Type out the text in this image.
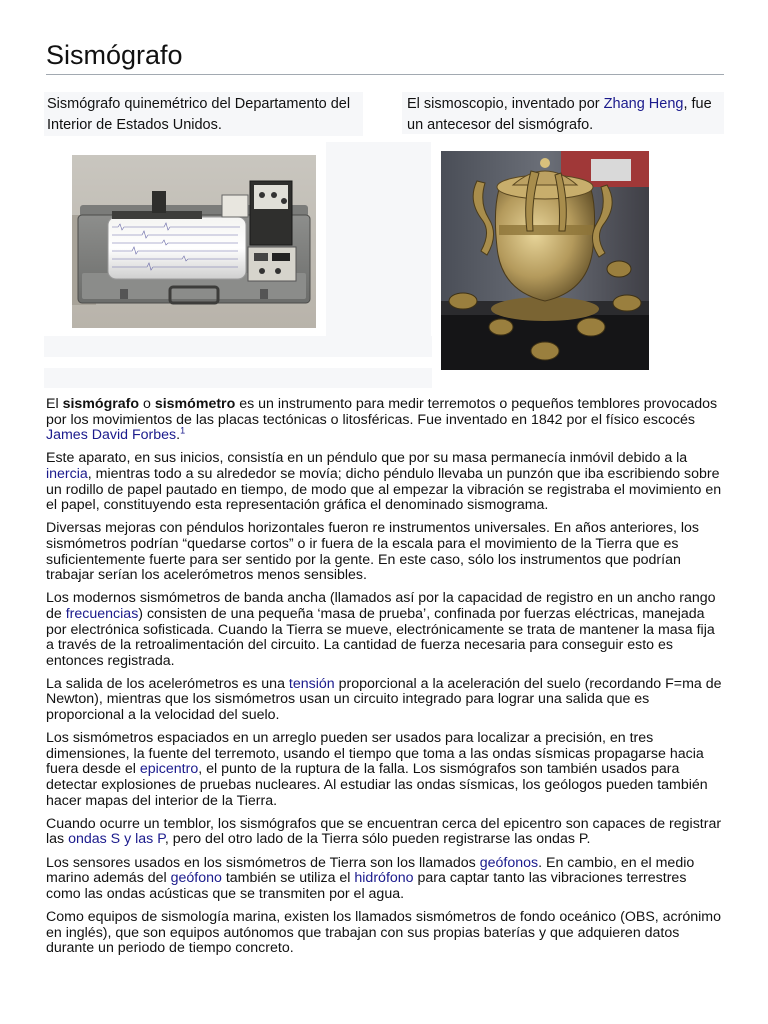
Sismógrafo
Sismógrafo quinemétrico del Departamento del Interior de Estados Unidos.
El sismoscopio, inventado por Zhang Heng, fue un antecesor del sismógrafo.

El sismógrafo o sismómetro es un instrumento para medir terremotos o pequeños temblores provocados por los movimientos de las placas tectónicas o litosféricas. Fue inventado en 1842 por el físico escocés James David Forbes.$^1$

Este aparato, en sus inicios, consistía en un péndulo que por su masa permanecía inmóvil debido a la inercia, mientras todo a su alrededor se movía; dicho péndulo llevaba un punzón que iba escribiendo sobre un rodillo de papel pautado en tiempo, de modo que al empezar la vibración se registraba el movimiento en el papel, constituyendo esta representación gráfica el denominado sismograma.

Diversas mejoras con péndulos horizontales fueron re instrumentos universales. En años anteriores, los sismómetros podrían “quedarse cortos” o ir fuera de la escala para el movimiento de la Tierra que es suficientemente fuerte para ser sentido por la gente. En este caso, sólo los instrumentos que podrían trabajar serían los acelerómetros menos sensibles.

Los modernos sismómetros de banda ancha (llamados así por la capacidad de registro en un ancho rango de frecuencias) consisten de una pequeña ‘masa de prueba’, confinada por fuerzas eléctricas, manejada por electrónica sofisticada. Cuando la Tierra se mueve, electrónicamente se trata de mantener la masa fija a través de la retroalimentación del circuito. La cantidad de fuerza necesaria para conseguir esto es entonces registrada.

La salida de los acelerómetros es una tensión proporcional a la aceleración del suelo (recordando F=ma de Newton), mientras que los sismómetros usan un circuito integrado para lograr una salida que es proporcional a la velocidad del suelo.

Los sismómetros espaciados en un arreglo pueden ser usados para localizar a precisión, en tres dimensiones, la fuente del terremoto, usando el tiempo que toma a las ondas sísmicas propagarse hacia fuera desde el epicentro, el punto de la ruptura de la falla. Los sismógrafos son también usados para detectar explosiones de pruebas nucleares. Al estudiar las ondas sísmicas, los geólogos pueden también hacer mapas del interior de la Tierra.

Cuando ocurre un temblor, los sismógrafos que se encuentran cerca del epicentro son capaces de registrar las ondas S y las P, pero del otro lado de la Tierra sólo pueden registrarse las ondas P.

Los sensores usados en los sismómetros de Tierra son los llamados geófonos. En cambio, en el medio marino además del geófono también se utiliza el hidrófono para captar tanto las vibraciones terrestres como las ondas acústicas que se transmiten por el agua.

Como equipos de sismología marina, existen los llamados sismómetros de fondo oceánico (OBS, acrónimo en inglés), que son equipos autónomos que trabajan con sus propias baterías y que adquieren datos durante un periodo de tiempo concreto.
